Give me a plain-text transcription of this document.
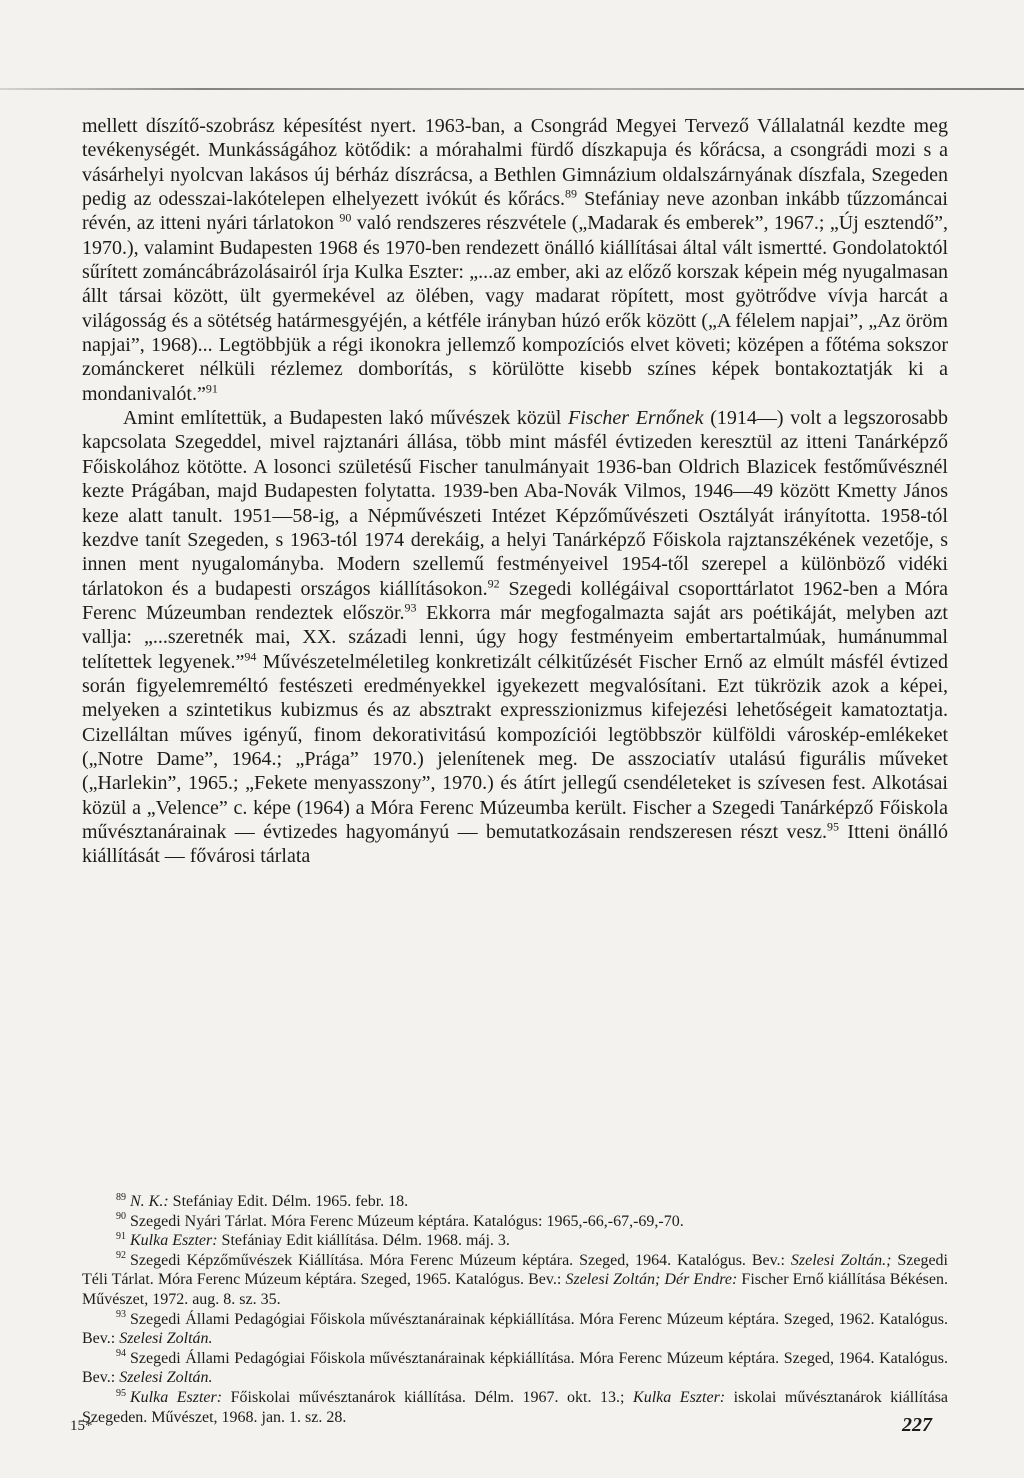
mellett díszítő-szobrász képesítést nyert. 1963-ban, a Csongrád Megyei Tervező Vállalatnál kezdte meg tevékenységét. Munkásságához kötődik: a mórahalmi fürdő díszkapuja és kőrácsa, a csongrádi mozi s a vásárhelyi nyolcvan lakásos új bérház díszrácsa, a Bethlen Gimnázium oldalszárnyának díszfala, Szegeden pedig az odesszai-lakótelepen elhelyezett ivókút és kőrács.$^{89}$ Stefániay neve azonban inkább tűzzománcai révén, az itteni nyári tárlatokon $^{90}$ való rendszeres részvétele („Madarak és emberek”, 1967.; „Új esztendő”, 1970.), valamint Budapesten 1968 és 1970-ben rendezett önálló kiállításai által vált ismertté. Gondolatoktól sűrített zománcábrázolásairól írja Kulka Eszter: „...az ember, aki az előző korszak képein még nyugalmasan állt társai között, ült gyermekével az ölében, vagy madarat röpített, most gyötrődve vívja harcát a világosság és a sötétség határmesgyéjén, a kétféle irányban húzó erők között („A félelem napjai”, „Az öröm napjai”, 1968)... Legtöbbjük a régi ikonokra jellemző kompozíciós elvet követi; középen a főtéma sokszor zománckeret nélküli rézlemez domborítás, s körülötte kisebb színes képek bontakoztatják ki a mondanivalót.”$^{91}$

Amint említettük, a Budapesten lakó művészek közül Fischer Ernőnek (1914—) volt a legszorosabb kapcsolata Szegeddel, mivel rajztanári állása, több mint másfél évtizeden keresztül az itteni Tanárképző Főiskolához kötötte. A losonci születésű Fischer tanulmányait 1936-ban Oldrich Blazicek festőművésznél kezte Prágában, majd Budapesten folytatta. 1939-ben Aba-Novák Vilmos, 1946—49 között Kmetty János keze alatt tanult. 1951—58-ig, a Népművészeti Intézet Képzőművészeti Osztályát irányította. 1958-tól kezdve tanít Szegeden, s 1963-tól 1974 derekáig, a helyi Tanárképző Főiskola rajztanszékének vezetője, s innen ment nyugalományba. Modern szellemű festményeivel 1954-től szerepel a különböző vidéki tárlatokon és a budapesti országos kiállításokon.$^{92}$ Szegedi kollégáival csoporttárlatot 1962-ben a Móra Ferenc Múzeumban rendeztek először.$^{93}$ Ekkorra már megfogalmazta saját ars poétikáját, melyben azt vallja: „...szeretnék mai, XX. századi lenni, úgy hogy festményeim embertartalmúak, humánummal telítettek legyenek.”$^{94}$ Művészetelméletileg konkretizált célkitűzését Fischer Ernő az elmúlt másfél évtized során figyelemreméltó festészeti eredményekkel igyekezett megvalósítani. Ezt tükrözik azok a képei, melyeken a szintetikus kubizmus és az absztrakt expresszionizmus kifejezési lehetőségeit kamatoztatja. Cizelláltan műves igényű, finom dekorativitású kompozíciói legtöbbször külföldi városkép-emlékeket („Notre Dame”, 1964.; „Prága” 1970.) jelenítenek meg. De asszociatív utalású figurális műveket („Harlekin”, 1965.; „Fekete menyasszony”, 1970.) és átírt jellegű csendéleteket is szívesen fest. Alkotásai közül a „Velence” c. képe (1964) a Móra Ferenc Múzeumba került. Fischer a Szegedi Tanárképző Főiskola művésztanárainak — évtizedes hagyományú — bemutatkozásain rendszeresen részt vesz.$^{95}$ Itteni önálló kiállítását — fővárosi tárlata

$^{89}$ N. K.: Stefániay Edit. Délm. 1965. febr. 18.

$^{90}$ Szegedi Nyári Tárlat. Móra Ferenc Múzeum képtára. Katalógus: 1965,-66,-67,-69,-70.

$^{91}$ Kulka Eszter: Stefániay Edit kiállítása. Délm. 1968. máj. 3.

$^{92}$ Szegedi Képzőművészek Kiállítása. Móra Ferenc Múzeum képtára. Szeged, 1964. Katalógus. Bev.: Szelesi Zoltán.; Szegedi Téli Tárlat. Móra Ferenc Múzeum képtára. Szeged, 1965. Katalógus. Bev.: Szelesi Zoltán; Dér Endre: Fischer Ernő kiállítása Békésen. Művészet, 1972. aug. 8. sz. 35.

$^{93}$ Szegedi Állami Pedagógiai Főiskola művésztanárainak képkiállítása. Móra Ferenc Múzeum képtára. Szeged, 1962. Katalógus. Bev.: Szelesi Zoltán.

$^{94}$ Szegedi Állami Pedagógiai Főiskola művésztanárainak képkiállítása. Móra Ferenc Múzeum képtára. Szeged, 1964. Katalógus. Bev.: Szelesi Zoltán.

$^{95}$ Kulka Eszter: Főiskolai művésztanárok kiállítása. Délm. 1967. okt. 13.; Kulka Eszter: iskolai művésztanárok kiállítása Szegeden. Művészet, 1968. jan. 1. sz. 28.

15*	227
